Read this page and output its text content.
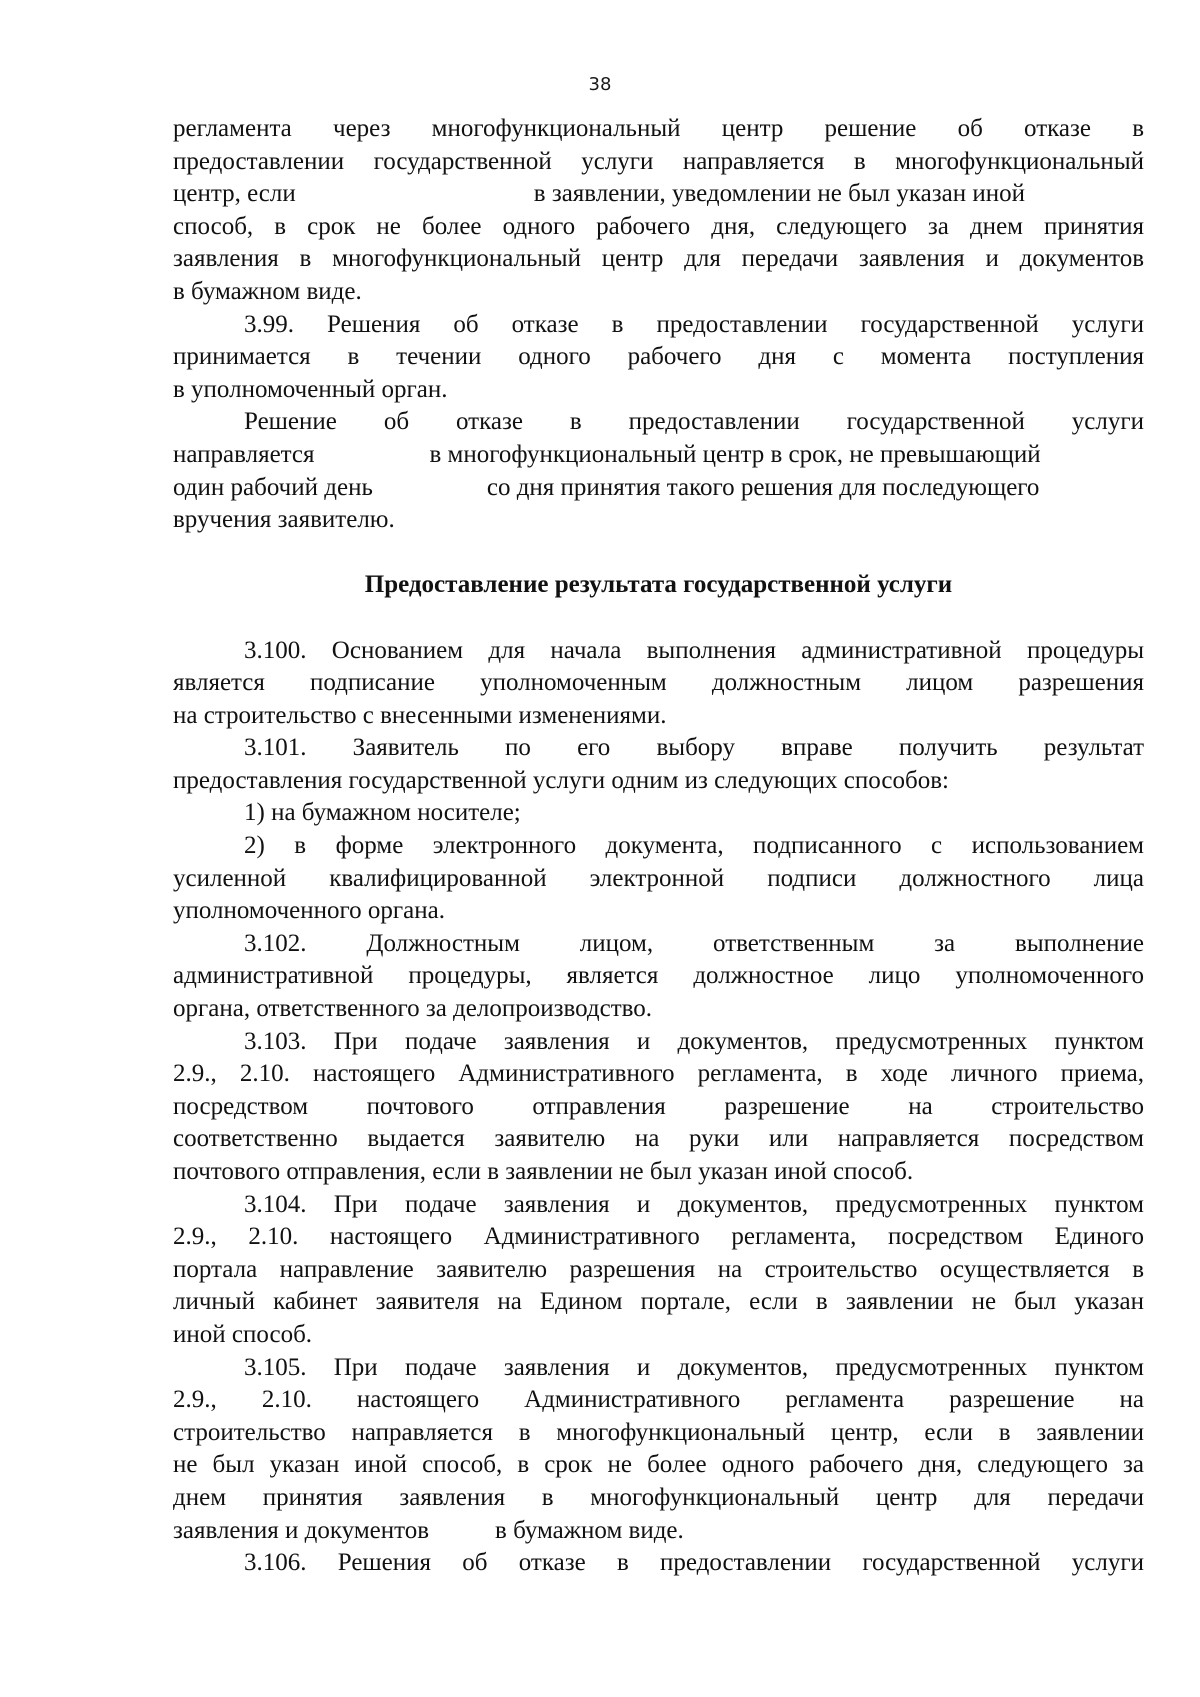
38
регламента через многофункциональный центр решение об отказе в
предоставлении государственной услуги направляется в многофункциональный
центр, если	в заявлении, уведомлении не был указан иной
способ, в срок не более одного рабочего дня, следующего за днем принятия
заявления в многофункциональный центр для передачи заявления и документов
в бумажном виде.
3.99. Решения об отказе в предоставлении государственной услуги
принимается в течении одного рабочего дня с момента поступления
в уполномоченный орган.
Решение об отказе в предоставлении государственной услуги
направляется	в многофункциональный центр в срок, не превышающий
один рабочий день	со дня принятия такого решения для последующего
вручения заявителю.

Предоставление результата государственной услуги

3.100. Основанием для начала выполнения административной процедуры
является подписание уполномоченным должностным лицом разрешения
на строительство с внесенными изменениями.
3.101. Заявитель по его выбору вправе получить результат
предоставления государственной услуги одним из следующих способов:
1) на бумажном носителе;
2) в форме электронного документа, подписанного с использованием
усиленной квалифицированной электронной подписи должностного лица
уполномоченного органа.
3.102. Должностным лицом, ответственным за выполнение
административной процедуры, является должностное лицо уполномоченного
органа, ответственного за делопроизводство.
3.103. При подаче заявления и документов, предусмотренных пунктом
2.9., 2.10. настоящего Административного регламента, в ходе личного приема,
посредством почтового отправления разрешение на строительство
соответственно выдается заявителю на руки или направляется посредством
почтового отправления, если в заявлении не был указан иной способ.
3.104. При подаче заявления и документов, предусмотренных пунктом
2.9., 2.10. настоящего Административного регламента, посредством Единого
портала направление заявителю разрешения на строительство осуществляется в
личный кабинет заявителя на Едином портале, если в заявлении не был указан
иной способ.
3.105. При подаче заявления и документов, предусмотренных пунктом
2.9., 2.10. настоящего Административного регламента разрешение на
строительство направляется в многофункциональный центр, если в заявлении
не был указан иной способ, в срок не более одного рабочего дня, следующего за
днем принятия заявления в многофункциональный центр для передачи
заявления и документов	в бумажном виде.
3.106. Решения об отказе в предоставлении государственной услуги
